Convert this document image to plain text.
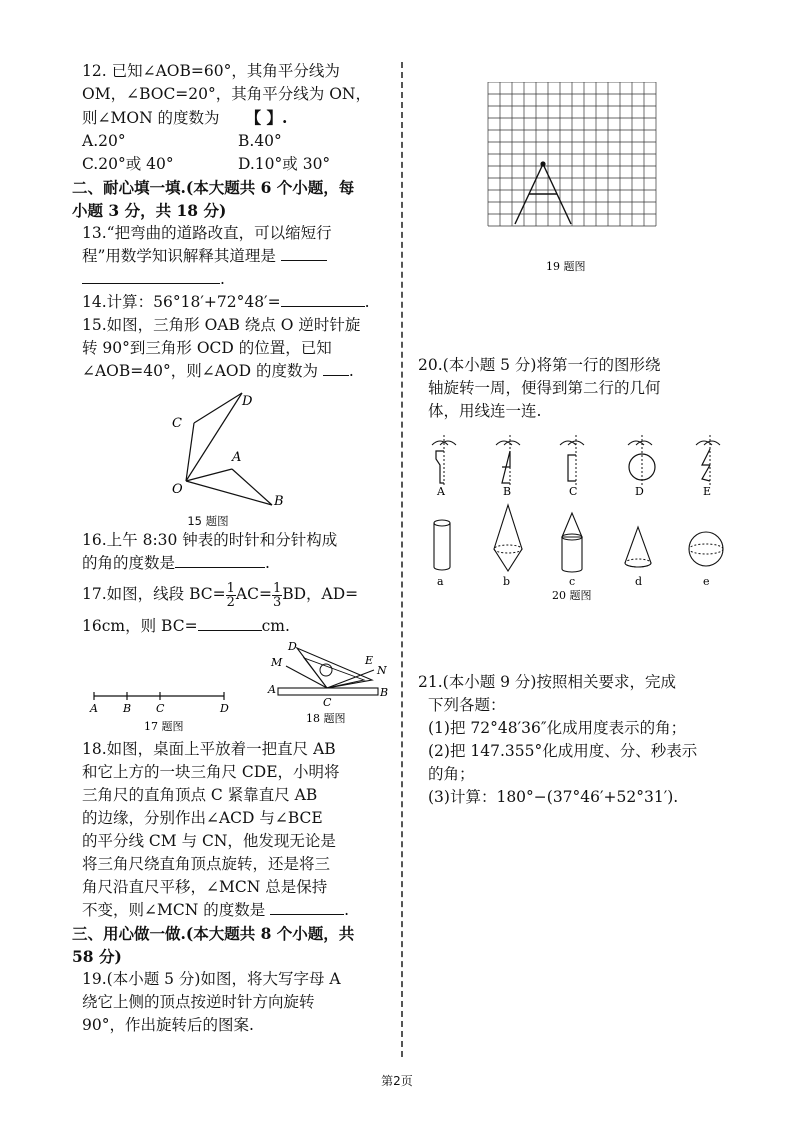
12. 已知∠AOB=60°，其角平分线为

OM，∠BOC=20°，其角平分线为 ON，

则∠MON 的度数为 【 】.

A.20°	B.40°
C.20°或 40°	D.10°或 30°

二、耐心填一填.(本大题共 6 个小题，每

小题 3 分，共 18 分)

13.“把弯曲的道路改直，可以缩短行

程”用数学知识解释其道理是

.

14.计算：56°18′+72°48′=	.

15.如图，三角形 OAB 绕点 O 逆时针旋

转 90°到三角形 OCD 的位置，已知

∠AOB=40°，则∠AOD 的度数为 .

C
D
A
O
B
15 题图

16.上午 8:30 钟表的时针和分针构成

的角的度数是	.

17.如图，线段 $BC= \frac{1}{2} AC= \frac{1}{3}$ BD，AD=

16cm，则 BC=	cm.

A B C	D
17 题图
D
M	E
N
A
C
B
18 题图

18.如图，桌面上平放着一把直尺 AB

和它上方的一块三角尺 CDE，小明将

三角尺的直角顶点 C 紧靠直尺 AB

的边缘，分别作出∠ACD 与∠BCE

的平分线 CM 与 CN，他发现无论是

将三角尺绕直角顶点旋转，还是将三

角尺沿直尺平移，∠MCN 总是保持

不变，则∠MCN 的度数是	.

三、用心做一做.(本大题共 8 个小题，共

58 分)

19.(本小题 5 分)如图，将大写字母 A

绕它上侧的顶点按逆时针方向旋转

90°，作出旋转后的图案.

19 题图

20.(本小题 5 分)将第一行的图形绕

轴旋转一周，便得到第二行的几何

体，用线连一连.

A	B	C	D	E
a	b	c	d	e
20 题图

21.(本小题 9 分)按照相关要求，完成

下列各题：

(1)把 72°48′36″化成用度表示的角；

(2)把 147.355°化成用度、分、秒表示

的角；

(3)计算：180°−(37°46′+52°31′).

第2页
